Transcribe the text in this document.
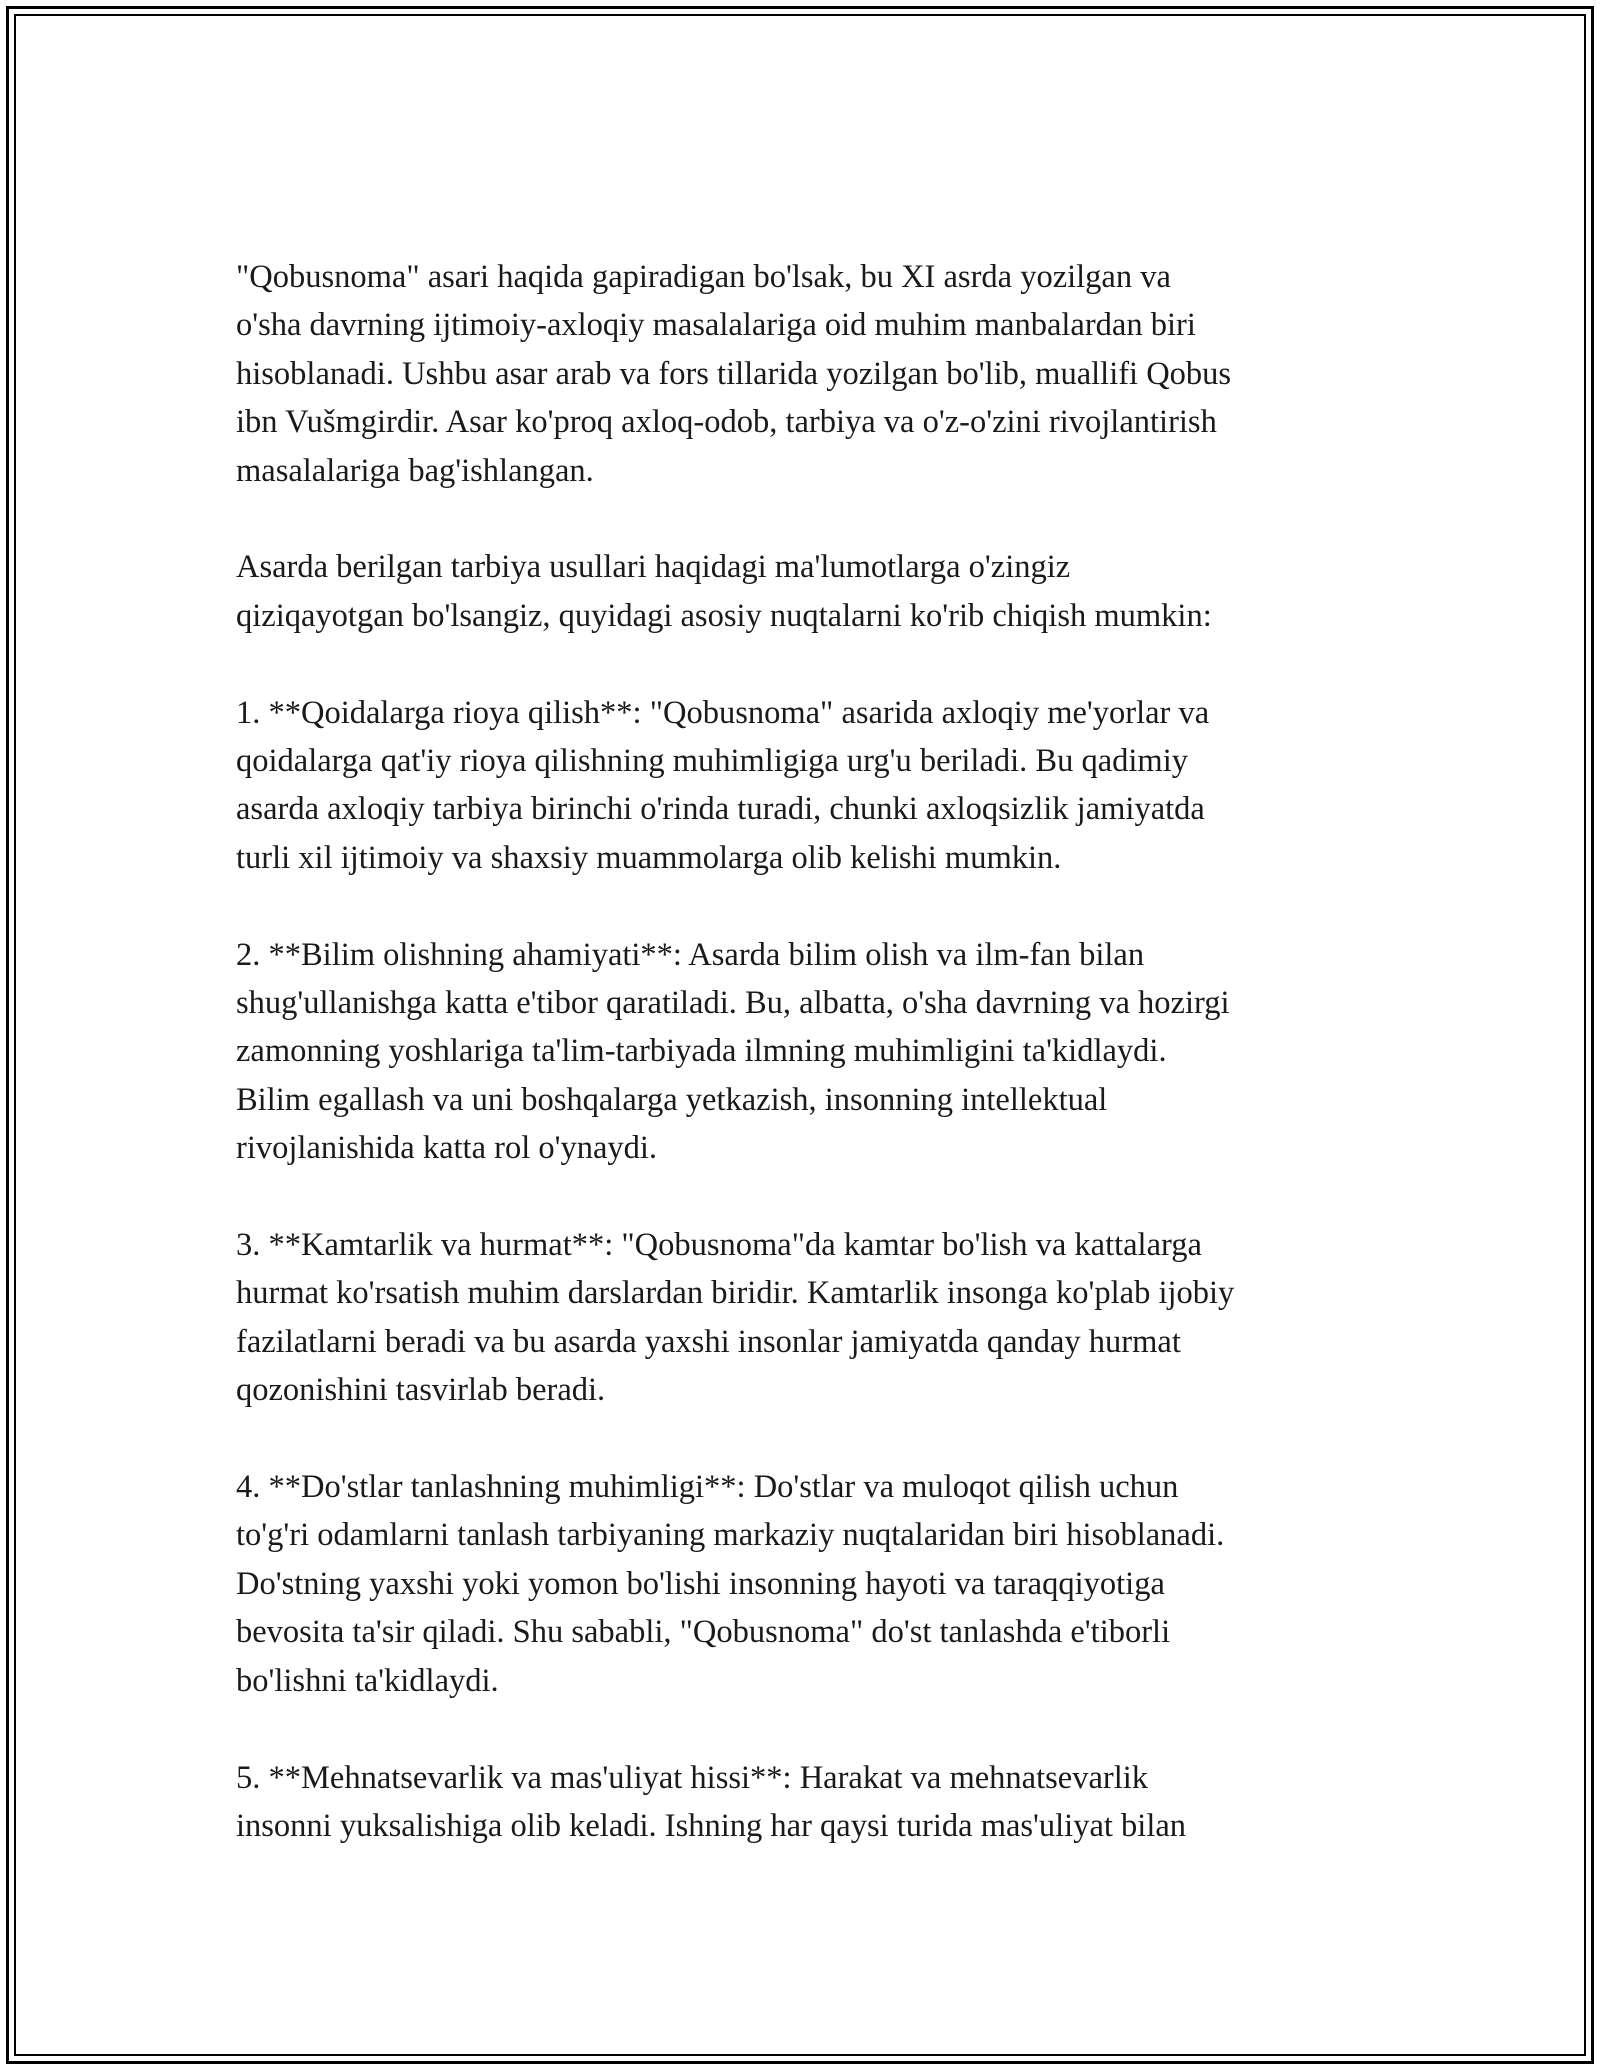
"Qobusnoma" asari haqida gapiradigan bo'lsak, bu XI asrda yozilgan va
o'sha davrning ijtimoiy-axloqiy masalalariga oid muhim manbalardan biri
hisoblanadi. Ushbu asar arab va fors tillarida yozilgan bo'lib, muallifi Qobus
ibn Vušmgirdir. Asar ko'proq axloq-odob, tarbiya va o'z-o'zini rivojlantirish
masalalariga bag'ishlangan.

Asarda berilgan tarbiya usullari haqidagi ma'lumotlarga o'zingiz
qiziqayotgan bo'lsangiz, quyidagi asosiy nuqtalarni ko'rib chiqish mumkin:

1. **Qoidalarga rioya qilish**: "Qobusnoma" asarida axloqiy me'yorlar va
qoidalarga qat'iy rioya qilishning muhimligiga urg'u beriladi. Bu qadimiy
asarda axloqiy tarbiya birinchi o'rinda turadi, chunki axloqsizlik jamiyatda
turli xil ijtimoiy va shaxsiy muammolarga olib kelishi mumkin.

2. **Bilim olishning ahamiyati**: Asarda bilim olish va ilm-fan bilan
shug'ullanishga katta e'tibor qaratiladi. Bu, albatta, o'sha davrning va hozirgi
zamonning yoshlariga ta'lim-tarbiyada ilmning muhimligini ta'kidlaydi.
Bilim egallash va uni boshqalarga yetkazish, insonning intellektual
rivojlanishida katta rol o'ynaydi.

3. **Kamtarlik va hurmat**: "Qobusnoma"da kamtar bo'lish va kattalarga
hurmat ko'rsatish muhim darslardan biridir. Kamtarlik insonga ko'plab ijobiy
fazilatlarni beradi va bu asarda yaxshi insonlar jamiyatda qanday hurmat
qozonishini tasvirlab beradi.

4. **Do'stlar tanlashning muhimligi**: Do'stlar va muloqot qilish uchun
to'g'ri odamlarni tanlash tarbiyaning markaziy nuqtalaridan biri hisoblanadi.
Do'stning yaxshi yoki yomon bo'lishi insonning hayoti va taraqqiyotiga
bevosita ta'sir qiladi. Shu sababli, "Qobusnoma" do'st tanlashda e'tiborli
bo'lishni ta'kidlaydi.

5. **Mehnatsevarlik va mas'uliyat hissi**: Harakat va mehnatsevarlik
insonni yuksalishiga olib keladi. Ishning har qaysi turida mas'uliyat bilan
